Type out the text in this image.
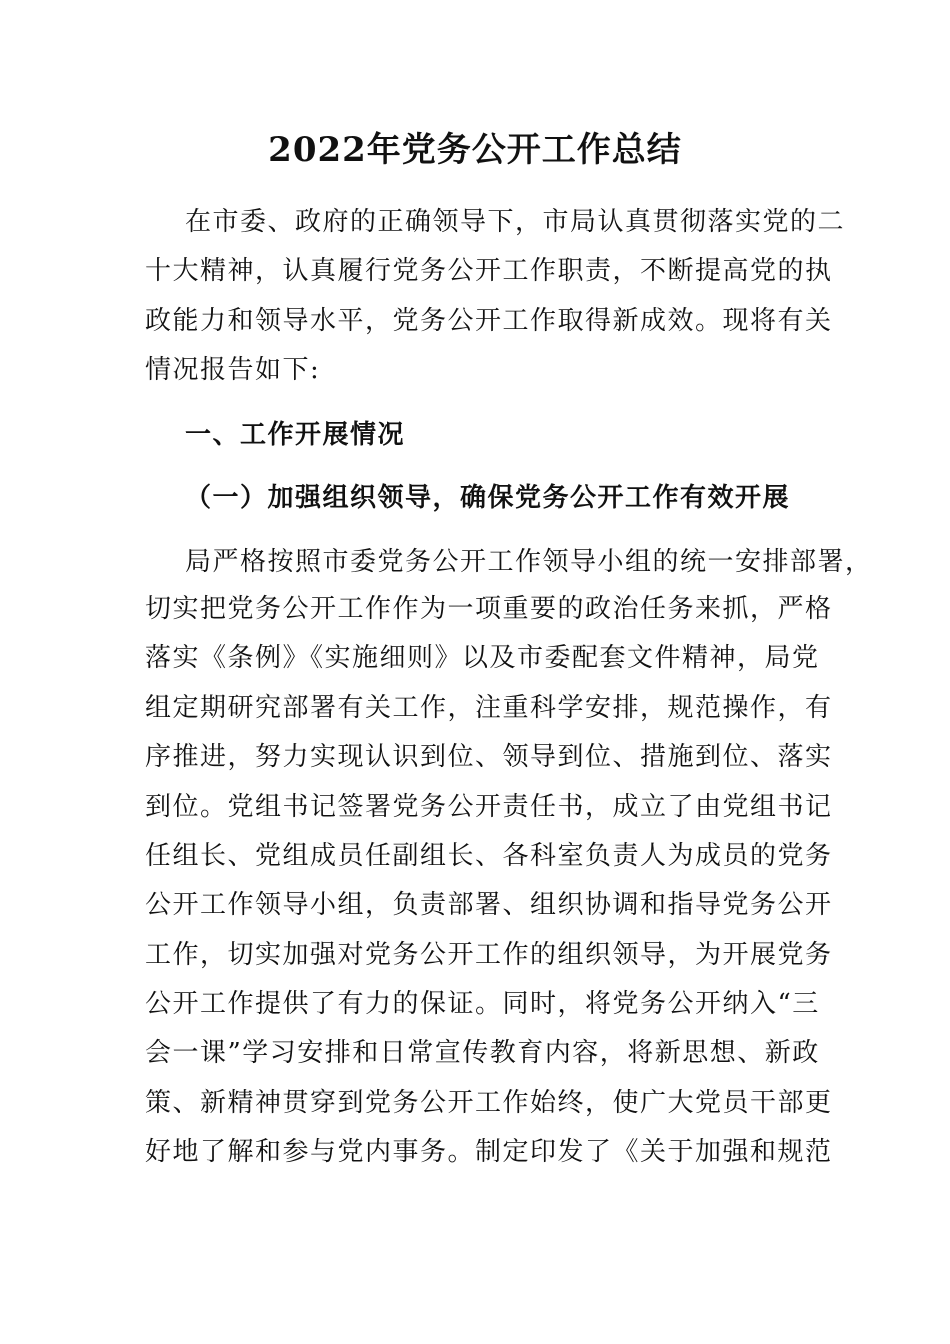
2022年党务公开工作总结
在市委、政府的正确领导下，市局认真贯彻落实党的二
十大精神，认真履行党务公开工作职责，不断提高党的执
政能力和领导水平，党务公开工作取得新成效。现将有关
情况报告如下:
一、工作开展情况
（一）加强组织领导，确保党务公开工作有效开展
局严格按照市委党务公开工作领导小组的统一安排部署，
切实把党务公开工作作为一项重要的政治任务来抓，严格
落实《条例》《实施细则》以及市委配套文件精神，局党
组定期研究部署有关工作，注重科学安排，规范操作，有
序推进，努力实现认识到位、领导到位、措施到位、落实
到位。党组书记签署党务公开责任书，成立了由党组书记
任组长、党组成员任副组长、各科室负责人为成员的党务
公开工作领导小组，负责部署、组织协调和指导党务公开
工作，切实加强对党务公开工作的组织领导，为开展党务
公开工作提供了有力的保证。同时，将党务公开纳入“三
会一课”学习安排和日常宣传教育内容，将新思想、新政
策、新精神贯穿到党务公开工作始终，使广大党员干部更
好地了解和参与党内事务。制定印发了《关于加强和规范
